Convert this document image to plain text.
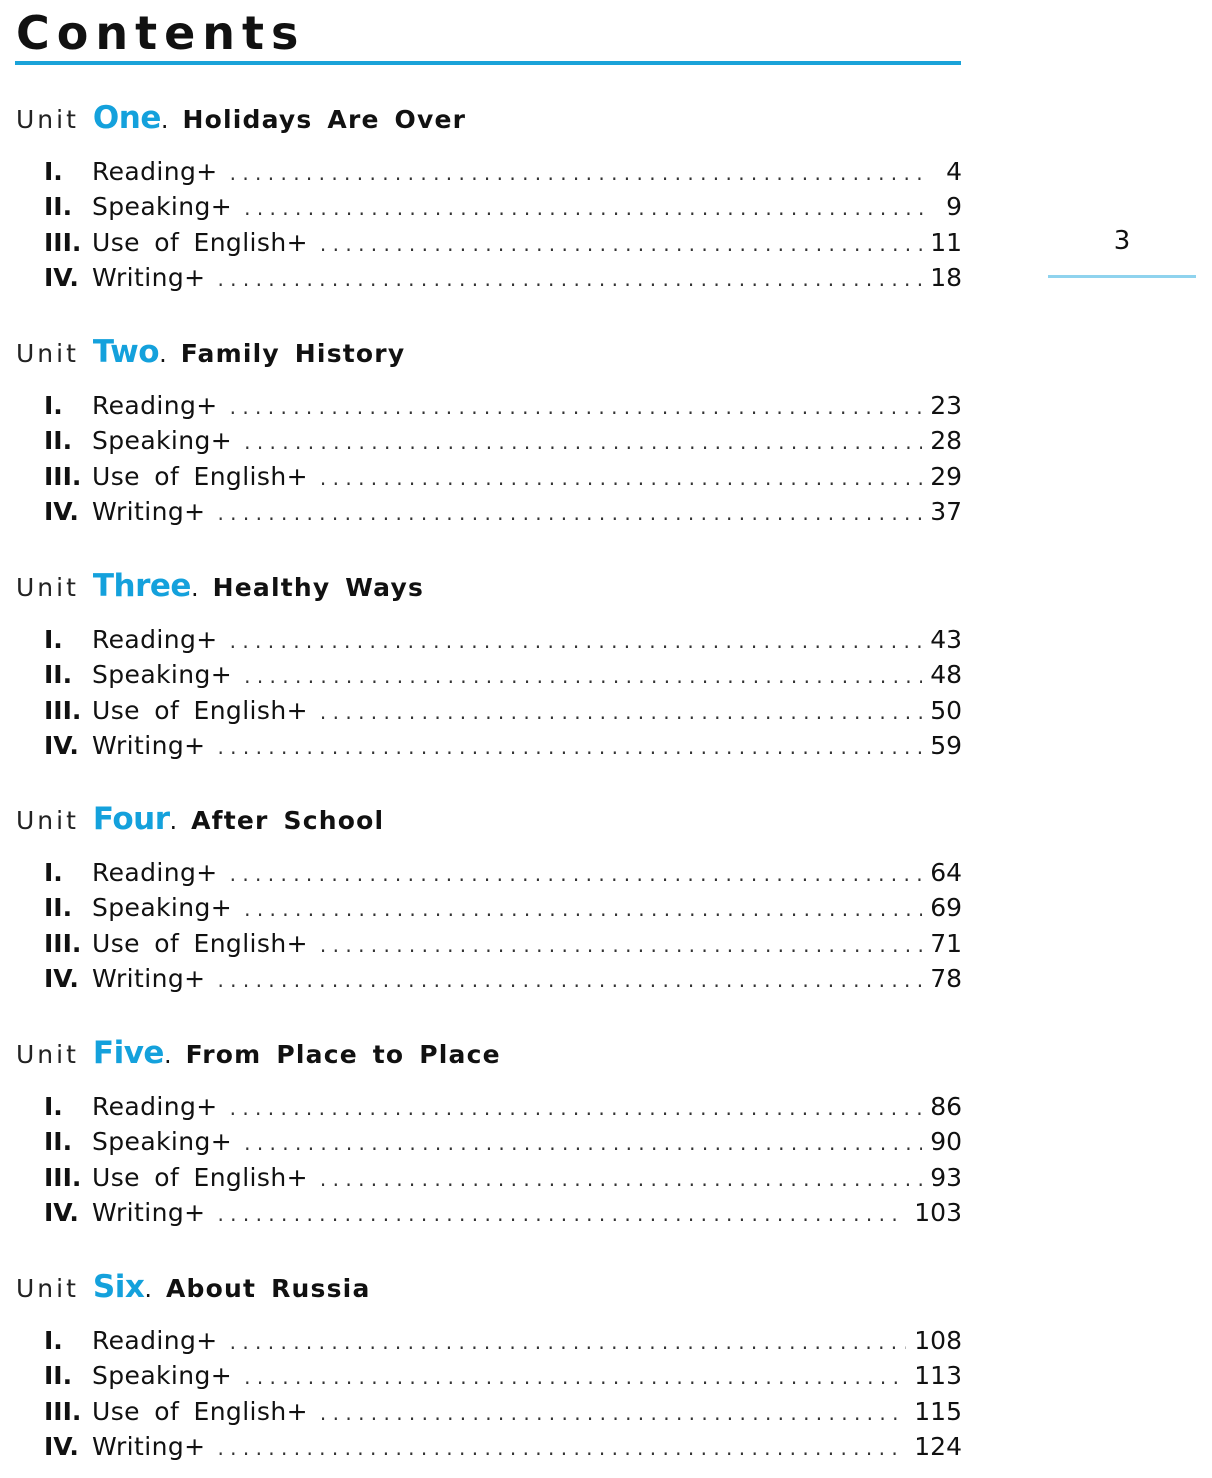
Contents
3
Unit One . Holidays Are Over
I.	Reading+ . . .	4
II. Speaking+ . . .	9
III. Use of English+ . . .	11
IV. Writing+ . . .	18
Unit Two . Family History
I.	Reading+ . . .	23
II. Speaking+ . . .	28
III. Use of English+ . . .	29
IV. Writing+ . . .	37
Unit Three . Healthy Ways
I.	Reading+ . . .	43
II. Speaking+ . . .	48
III. Use of English+ . . .	50
IV. Writing+ . . .	59
Unit Four . After School
I.	Reading+ . . .	64
II. Speaking+ . . .	69
III. Use of English+ . . .	71
IV. Writing+ . . .	78
Unit Five . From Place to Place
I.	Reading+ . . .	86
II. Speaking+ . . .	90
III. Use of English+ . . .	93
IV. Writing+ . . .	103
Unit Six . About Russia
I.	Reading+ . . .	108
II. Speaking+ . . .	113
III. Use of English+ . . .	115
IV. Writing+ . . .	124
